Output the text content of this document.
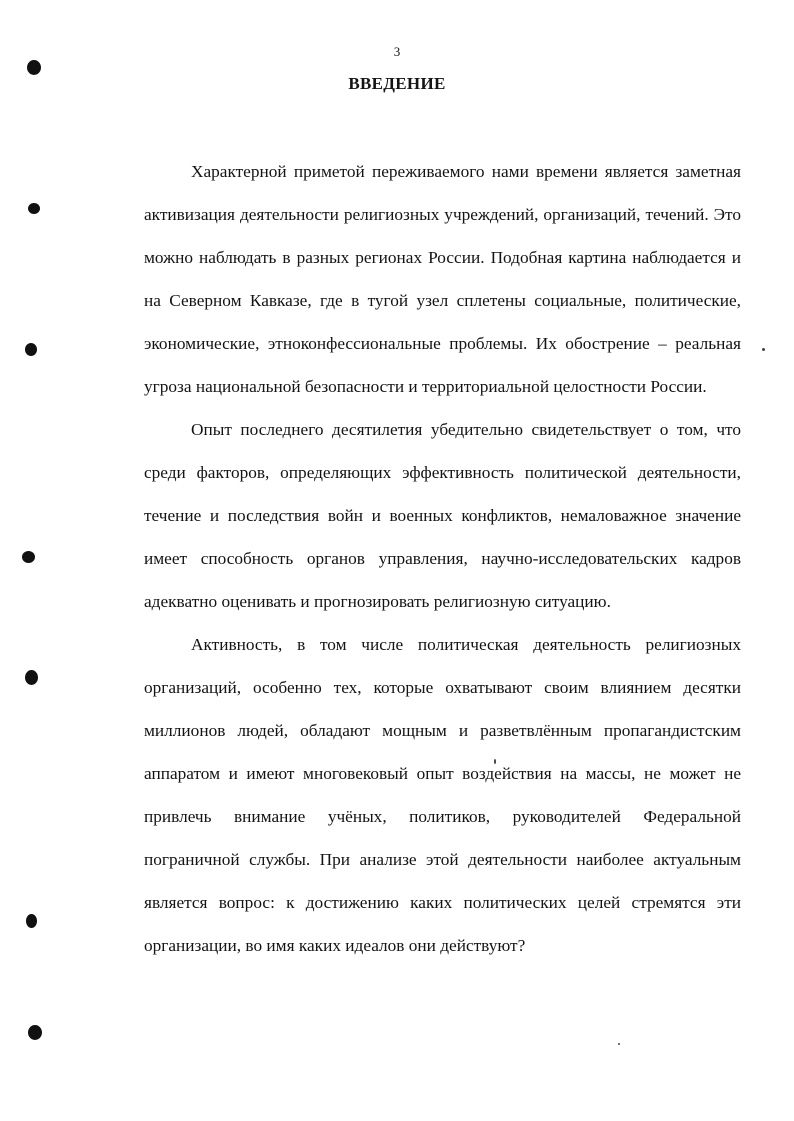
3
ВВЕДЕНИЕ
Характерной приметой переживаемого нами времени является заметная
активизация деятельности религиозных учреждений, организаций, течений. Это
можно наблюдать в разных регионах России. Подобная картина наблюдается и
на Северном Кавказе, где в тугой узел сплетены социальные, политические,
экономические, этноконфессиональные проблемы. Их обострение – реальная
угроза национальной безопасности и территориальной целостности России.
Опыт последнего десятилетия убедительно свидетельствует о том, что
среди факторов, определяющих эффективность политической деятельности,
течение и последствия войн и военных конфликтов, немаловажное значение
имеет способность органов управления, научно-исследовательских кадров
адекватно оценивать и прогнозировать религиозную ситуацию.
Активность, в том числе политическая деятельность религиозных
организаций, особенно тех, которые охватывают своим влиянием десятки
миллионов людей, обладают мощным и разветвлённым пропагандистским
аппаратом и имеют многовековый опыт воздействия на массы, не может не
привлечь внимание учёных, политиков, руководителей Федеральной
пограничной службы. При анализе этой деятельности наиболее актуальным
является вопрос: к достижению каких политических целей стремятся эти
организации, во имя каких идеалов они действуют?
